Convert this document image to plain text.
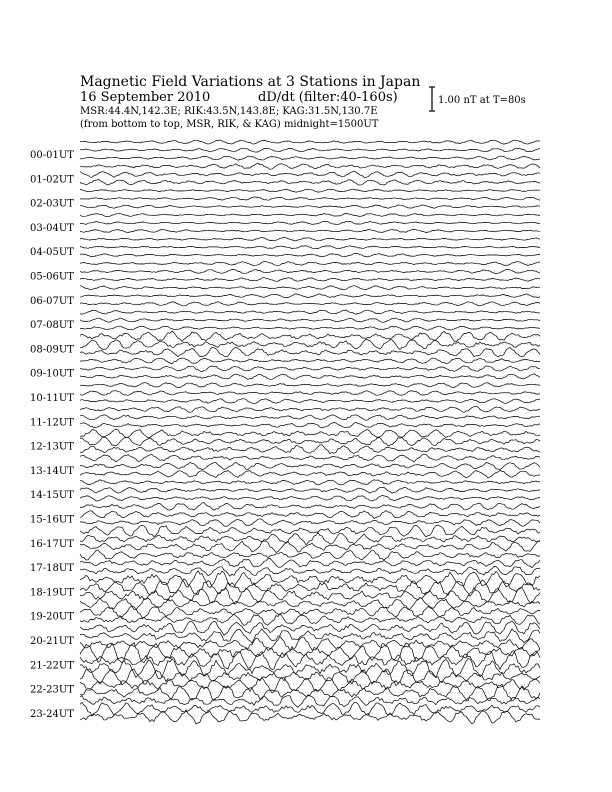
Magnetic Field Variations at 3 Stations in Japan
16 September 2010	dD/dt (filter:40-160s)
MSR:44.4N,142.3E; RIK:43.5N,143.8E; KAG:31.5N,130.7E
(from bottom to top, MSR, RIK, & KAG) midnight=1500UT
1.00 nT at T=80s
00-01UT
01-02UT
02-03UT
03-04UT
04-05UT
05-06UT
06-07UT
07-08UT
08-09UT
09-10UT
10-11UT
11-12UT
12-13UT
13-14UT
14-15UT
15-16UT
16-17UT
17-18UT
18-19UT
19-20UT
20-21UT
21-22UT
22-23UT
23-24UT
